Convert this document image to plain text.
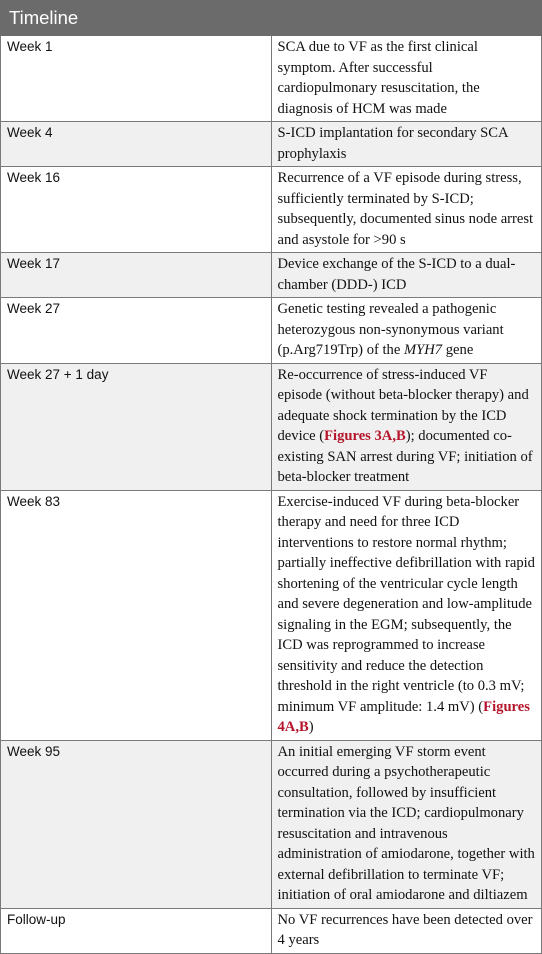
Timeline	
Week 1	SCA due to VF as the first clinical symptom. After successful cardiopulmonary resuscitation, the diagnosis of HCM was made
Week 4	S-ICD implantation for secondary SCA prophylaxis
Week 16	Recurrence of a VF episode during stress, sufficiently terminated by S-ICD; subsequently, documented sinus node arrest and asystole for >90 s
Week 17	Device exchange of the S-ICD to a dual-chamber (DDD-) ICD
Week 27	Genetic testing revealed a pathogenic heterozygous non-synonymous variant (p.Arg719Trp) of the MYH7 gene
Week 27 + 1 day	Re-occurrence of stress-induced VF episode (without beta-blocker therapy) and adequate shock termination by the ICD device (Figures 3A,B); documented co-existing SAN arrest during VF; initiation of beta-blocker treatment
Week 83	Exercise-induced VF during beta-blocker therapy and need for three ICD interventions to restore normal rhythm; partially ineffective defibrillation with rapid shortening of the ventricular cycle length and severe degeneration and low-amplitude signaling in the EGM; subsequently, the ICD was reprogrammed to increase sensitivity and reduce the detection threshold in the right ventricle (to 0.3 mV; minimum VF amplitude: 1.4 mV) (Figures 4A,B)
Week 95	An initial emerging VF storm event occurred during a psychotherapeutic consultation, followed by insufficient termination via the ICD; cardiopulmonary resuscitation and intravenous administration of amiodarone, together with external defibrillation to terminate VF; initiation of oral amiodarone and diltiazem
Follow-up	No VF recurrences have been detected over 4 years
